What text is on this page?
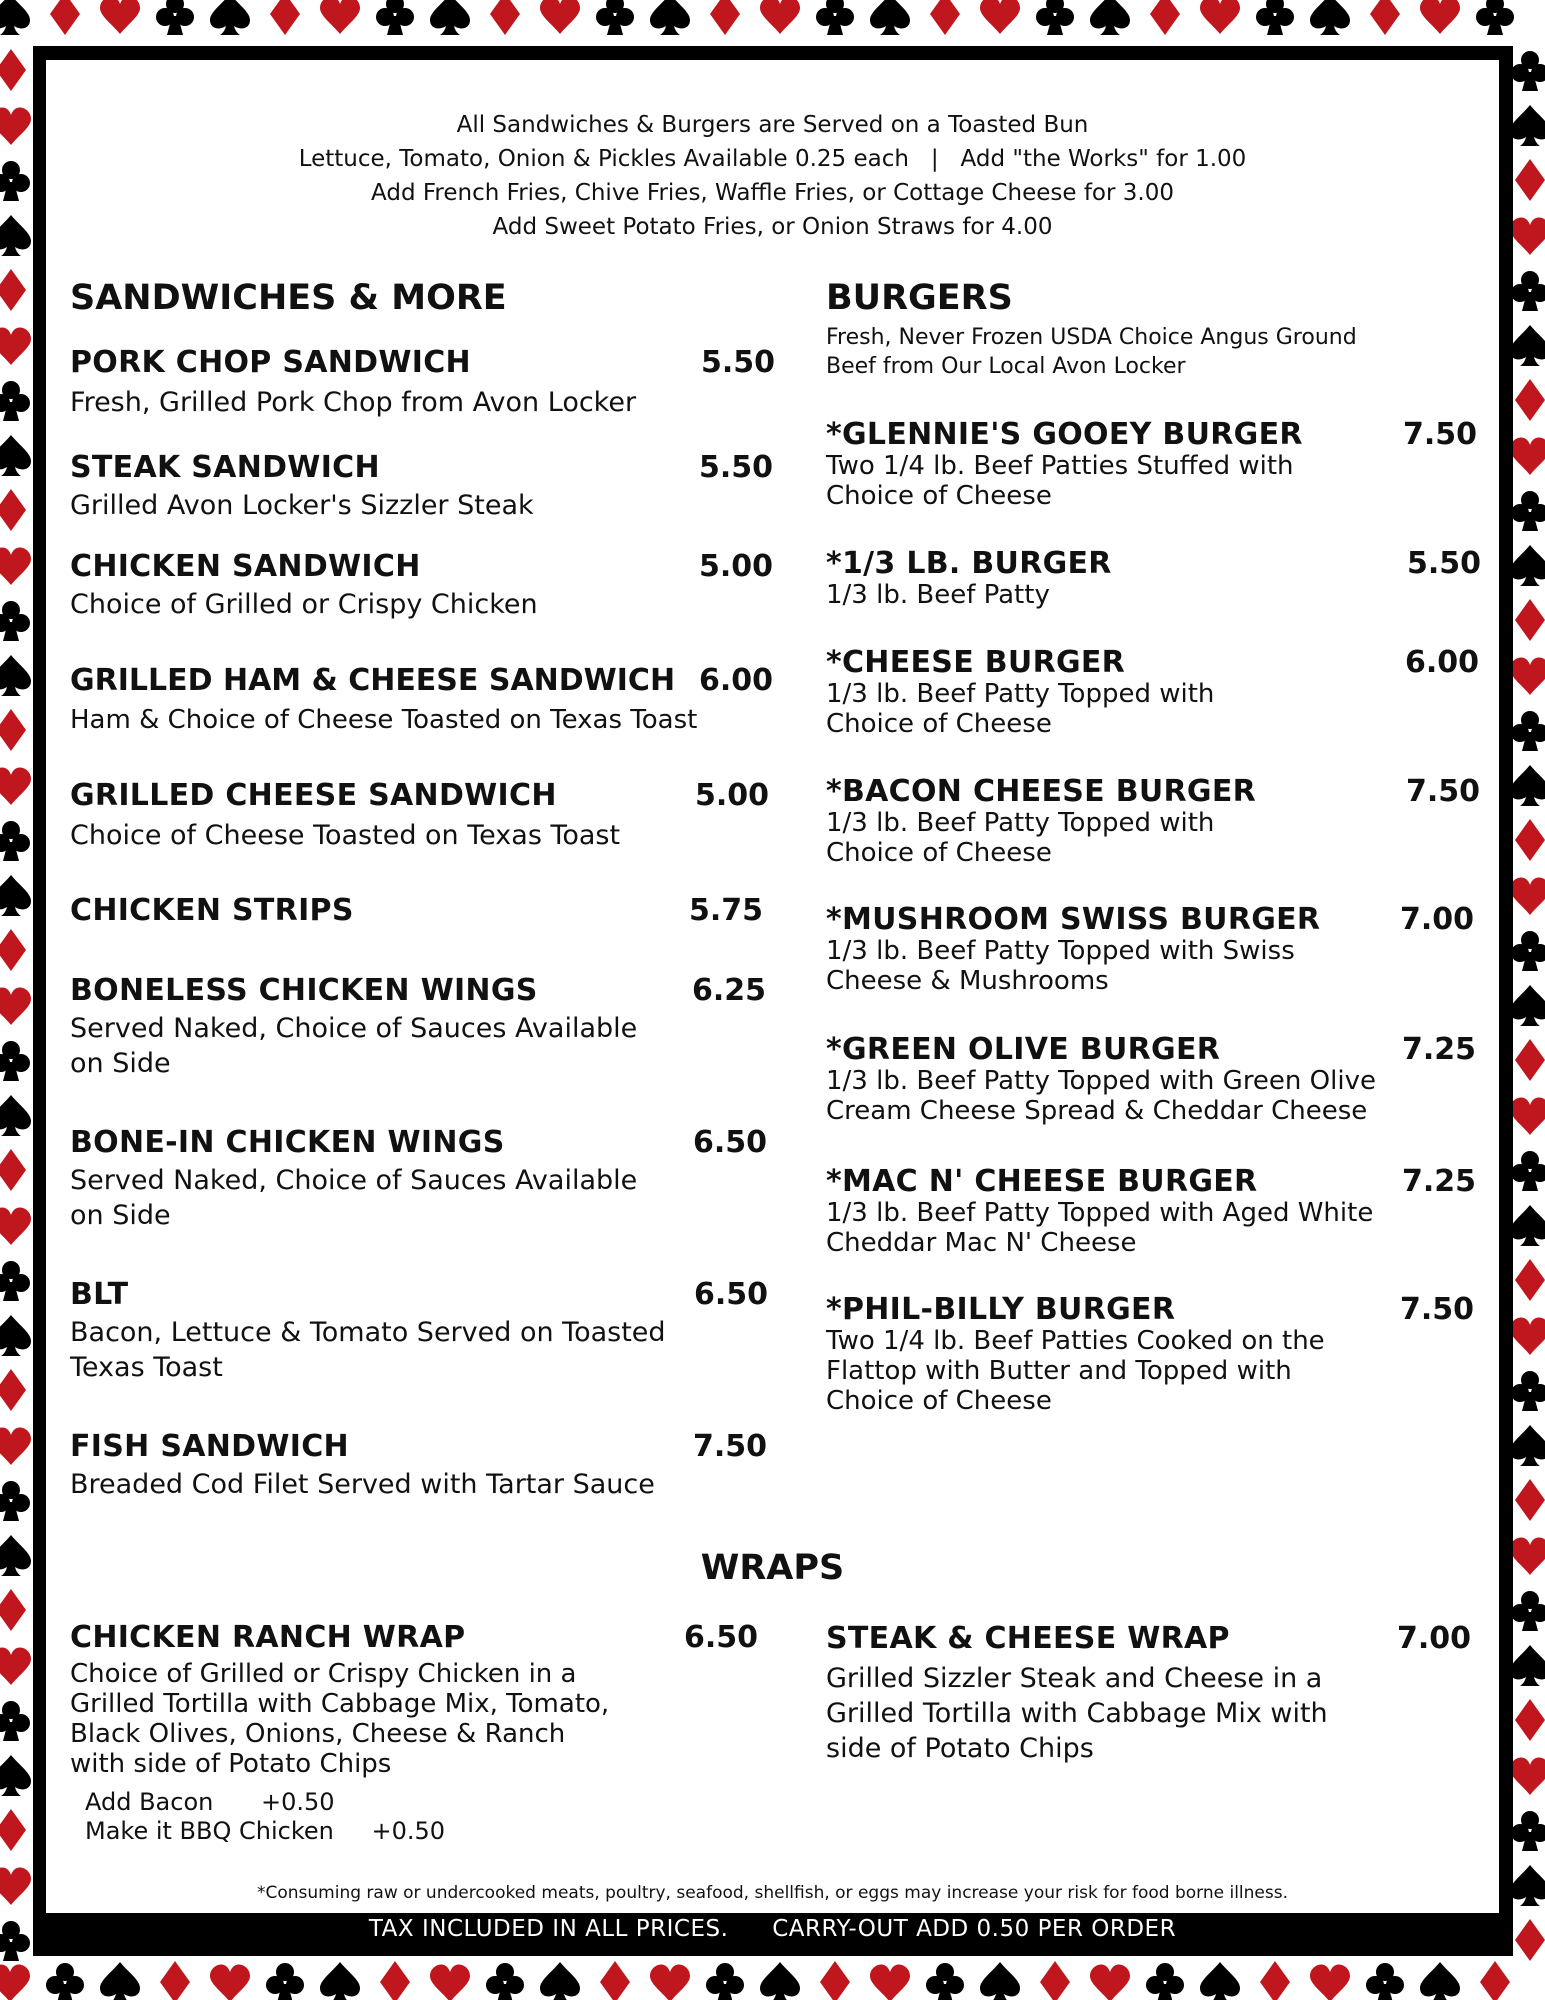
All Sandwiches & Burgers are Served on a Toasted Bun
Lettuce, Tomato, Onion & Pickles Available 0.25 each   |   Add "the Works" for 1.00
Add French Fries, Chive Fries, Waffle Fries, or Cottage Cheese for 3.00
Add Sweet Potato Fries, or Onion Straws for 4.00
SANDWICHES & MORE
PORK CHOP SANDWICH	5.50
Fresh, Grilled Pork Chop from Avon Locker
STEAK SANDWICH	5.50
Grilled Avon Locker's Sizzler Steak
CHICKEN SANDWICH	5.00
Choice of Grilled or Crispy Chicken
GRILLED HAM & CHEESE SANDWICH 6.00
Ham & Choice of Cheese Toasted on Texas Toast
GRILLED CHEESE SANDWICH	5.00
Choice of Cheese Toasted on Texas Toast
CHICKEN STRIPS	5.75
BONELESS CHICKEN WINGS	6.25
Served Naked, Choice of Sauces Available
on Side
BONE-IN CHICKEN WINGS	6.50
Served Naked, Choice of Sauces Available
on Side
BLT	6.50
Bacon, Lettuce & Tomato Served on Toasted
Texas Toast
FISH SANDWICH	7.50
Breaded Cod Filet Served with Tartar Sauce
BURGERS
Fresh, Never Frozen USDA Choice Angus Ground
Beef from Our Local Avon Locker
*GLENNIE'S GOOEY BURGER	7.50
Two 1/4 lb. Beef Patties Stuffed with
Choice of Cheese
*1/3 LB. BURGER	5.50
1/3 lb. Beef Patty
*CHEESE BURGER	6.00
1/3 lb. Beef Patty Topped with
Choice of Cheese
*BACON CHEESE BURGER	7.50
1/3 lb. Beef Patty Topped with
Choice of Cheese
*MUSHROOM SWISS BURGER	7.00
1/3 lb. Beef Patty Topped with Swiss
Cheese & Mushrooms
*GREEN OLIVE BURGER	7.25
1/3 lb. Beef Patty Topped with Green Olive
Cream Cheese Spread & Cheddar Cheese
*MAC N' CHEESE BURGER	7.25
1/3 lb. Beef Patty Topped with Aged White
Cheddar Mac N' Cheese
*PHIL-BILLY BURGER	7.50
Two 1/4 lb. Beef Patties Cooked on the
Flattop with Butter and Topped with
Choice of Cheese
WRAPS
CHICKEN RANCH WRAP	6.50
Choice of Grilled or Crispy Chicken in a
Grilled Tortilla with Cabbage Mix, Tomato,
Black Olives, Onions, Cheese & Ranch
with side of Potato Chips
Add Bacon +0.50
Make it BBQ Chicken +0.50
STEAK & CHEESE WRAP	7.00
Grilled Sizzler Steak and Cheese in a
Grilled Tortilla with Cabbage Mix with
side of Potato Chips
*Consuming raw or undercooked meats, poultry, seafood, shellfish, or eggs may increase your risk for food borne illness.
TAX INCLUDED IN ALL PRICES. CARRY-OUT ADD 0.50 PER ORDER
